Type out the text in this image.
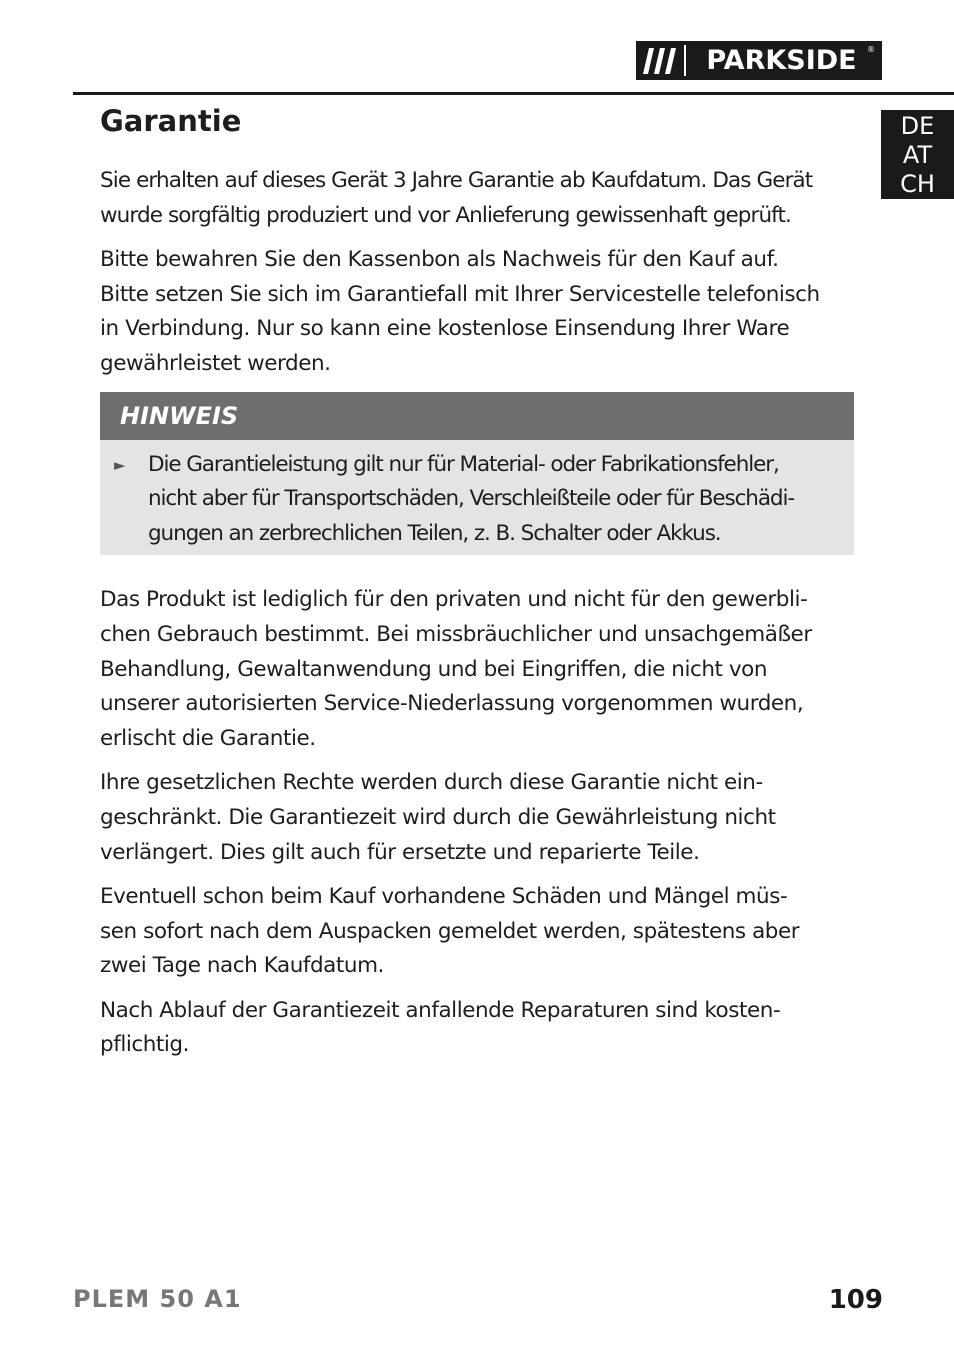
PARKSIDE ®
DE
AT
CH
Garantie

Sie erhalten auf dieses Gerät 3 Jahre Garantie ab Kaufdatum. Das Gerät
wurde sorgfältig produziert und vor Anlieferung gewissenhaft geprüft.

Bitte bewahren Sie den Kassenbon als Nachweis für den Kauf auf.
Bitte setzen Sie sich im Garantiefall mit Ihrer Servicestelle telefonisch
in Verbindung. Nur so kann eine kostenlose Einsendung Ihrer Ware
gewährleistet werden.

HINWEIS
►	Die Garantieleistung gilt nur für Material- oder Fabrikationsfehler,
nicht aber für Transportschäden, Verschleißteile oder für Beschädi-
gungen an zerbrechlichen Teilen, z. B. Schalter oder Akkus.

Das Produkt ist lediglich für den privaten und nicht für den gewerbli-
chen Gebrauch bestimmt. Bei missbräuchlicher und unsachgemäßer
Behandlung, Gewaltanwendung und bei Eingriffen, die nicht von
unserer autorisierten Service-Niederlassung vorgenommen wurden,
erlischt die Garantie.

Ihre gesetzlichen Rechte werden durch diese Garantie nicht ein-
geschränkt. Die Garantiezeit wird durch die Gewährleistung nicht
verlängert. Dies gilt auch für ersetzte und reparierte Teile.

Eventuell schon beim Kauf vorhandene Schäden und Mängel müs-
sen sofort nach dem Auspacken gemeldet werden, spätestens aber
zwei Tage nach Kaufdatum.

Nach Ablauf der Garantiezeit anfallende Reparaturen sind kosten-
pflichtig.

PLEM 50 A1	109
